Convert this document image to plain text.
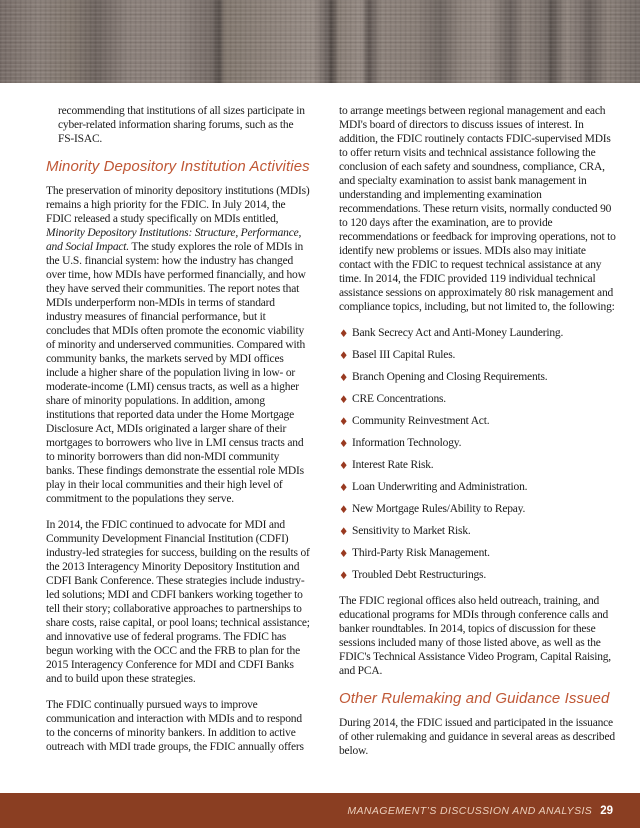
recommending that institutions of all sizes participate in cyber-related information sharing forums, such as the FS-ISAC.

Minority Depository Institution Activities

The preservation of minority depository institutions (MDIs) remains a high priority for the FDIC. In July 2014, the FDIC released a study specifically on MDIs entitled, Minority Depository Institutions: Structure, Performance, and Social Impact. The study explores the role of MDIs in the U.S. financial system: how the industry has changed over time, how MDIs have performed financially, and how they have served their communities. The report notes that MDIs underperform non-MDIs in terms of standard industry measures of financial performance, but it concludes that MDIs often promote the economic viability of minority and underserved communities. Compared with community banks, the markets served by MDI offices include a higher share of the population living in low- or moderate-income (LMI) census tracts, as well as a higher share of minority populations. In addition, among institutions that reported data under the Home Mortgage Disclosure Act, MDIs originated a larger share of their mortgages to borrowers who live in LMI census tracts and to minority borrowers than did non-MDI community banks. These findings demonstrate the essential role MDIs play in their local communities and their high level of commitment to the populations they serve.

In 2014, the FDIC continued to advocate for MDI and Community Development Financial Institution (CDFI) industry-led strategies for success, building on the results of the 2013 Interagency Minority Depository Institution and CDFI Bank Conference. These strategies include industry-led solutions; MDI and CDFI bankers working together to tell their story; collaborative approaches to partnerships to share costs, raise capital, or pool loans; technical assistance; and innovative use of federal programs. The FDIC has begun working with the OCC and the FRB to plan for the 2015 Interagency Conference for MDI and CDFI Banks and to build upon these strategies.

The FDIC continually pursued ways to improve communication and interaction with MDIs and to respond to the concerns of minority bankers. In addition to active outreach with MDI trade groups, the FDIC annually offers

to arrange meetings between regional management and each MDI's board of directors to discuss issues of interest. In addition, the FDIC routinely contacts FDIC-supervised MDIs to offer return visits and technical assistance following the conclusion of each safety and soundness, compliance, CRA, and specialty examination to assist bank management in understanding and implementing examination recommendations. These return visits, normally conducted 90 to 120 days after the examination, are to provide recommendations or feedback for improving operations, not to identify new problems or issues. MDIs also may initiate contact with the FDIC to request technical assistance at any time. In 2014, the FDIC provided 119 individual technical assistance sessions on approximately 80 risk management and compliance topics, including, but not limited to, the following:

♦ Bank Secrecy Act and Anti-Money Laundering.
♦ Basel III Capital Rules.
♦ Branch Opening and Closing Requirements.
♦ CRE Concentrations.
♦ Community Reinvestment Act.
♦ Information Technology.
♦ Interest Rate Risk.
♦ Loan Underwriting and Administration.
♦ New Mortgage Rules/Ability to Repay.
♦ Sensitivity to Market Risk.
♦ Third-Party Risk Management.
♦ Troubled Debt Restructurings.

The FDIC regional offices also held outreach, training, and educational programs for MDIs through conference calls and banker roundtables. In 2014, topics of discussion for these sessions included many of those listed above, as well as the FDIC's Technical Assistance Video Program, Capital Raising, and PCA.

Other Rulemaking and Guidance Issued

During 2014, the FDIC issued and participated in the issuance of other rulemaking and guidance in several areas as described below.

MANAGEMENT’S DISCUSSION AND ANALYSIS 29
